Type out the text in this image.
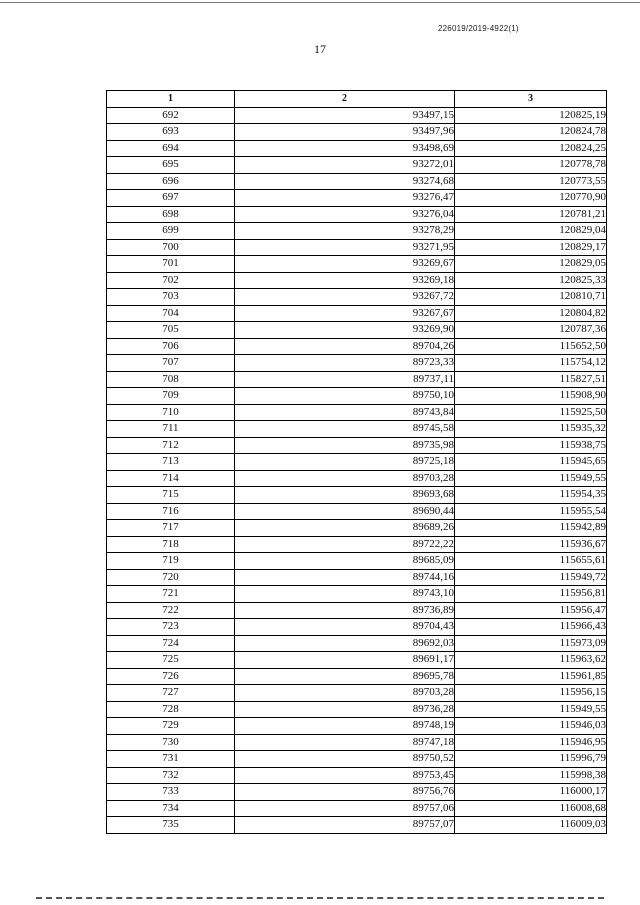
226019/2019-4922(1)
17
1	2	3
692	93497,15	120825,19
693	93497,96	120824,78
694	93498,69	120824,25
695	93272,01	120778,78
696	93274,68	120773,55
697	93276,47	120770,90
698	93276,04	120781,21
699	93278,29	120829,04
700	93271,95	120829,17
701	93269,67	120829,05
702	93269,18	120825,33
703	93267,72	120810,71
704	93267,67	120804,82
705	93269,90	120787,36
706	89704,26	115652,50
707	89723,33	115754,12
708	89737,11	115827,51
709	89750,10	115908,90
710	89743,84	115925,50
711	89745,58	115935,32
712	89735,98	115938,75
713	89725,18	115945,65
714	89703,28	115949,55
715	89693,68	115954,35
716	89690,44	115955,54
717	89689,26	115942,89
718	89722,22	115936,67
719	89685,09	115655,61
720	89744,16	115949,72
721	89743,10	115956,81
722	89736,89	115956,47
723	89704,43	115966,43
724	89692,03	115973,09
725	89691,17	115963,62
726	89695,78	115961,85
727	89703,28	115956,15
728	89736,28	115949,55
729	89748,19	115946,03
730	89747,18	115946,95
731	89750,52	115996,79
732	89753,45	115998,38
733	89756,76	116000,17
734	89757,06	116008,68
735	89757,07	116009,03
